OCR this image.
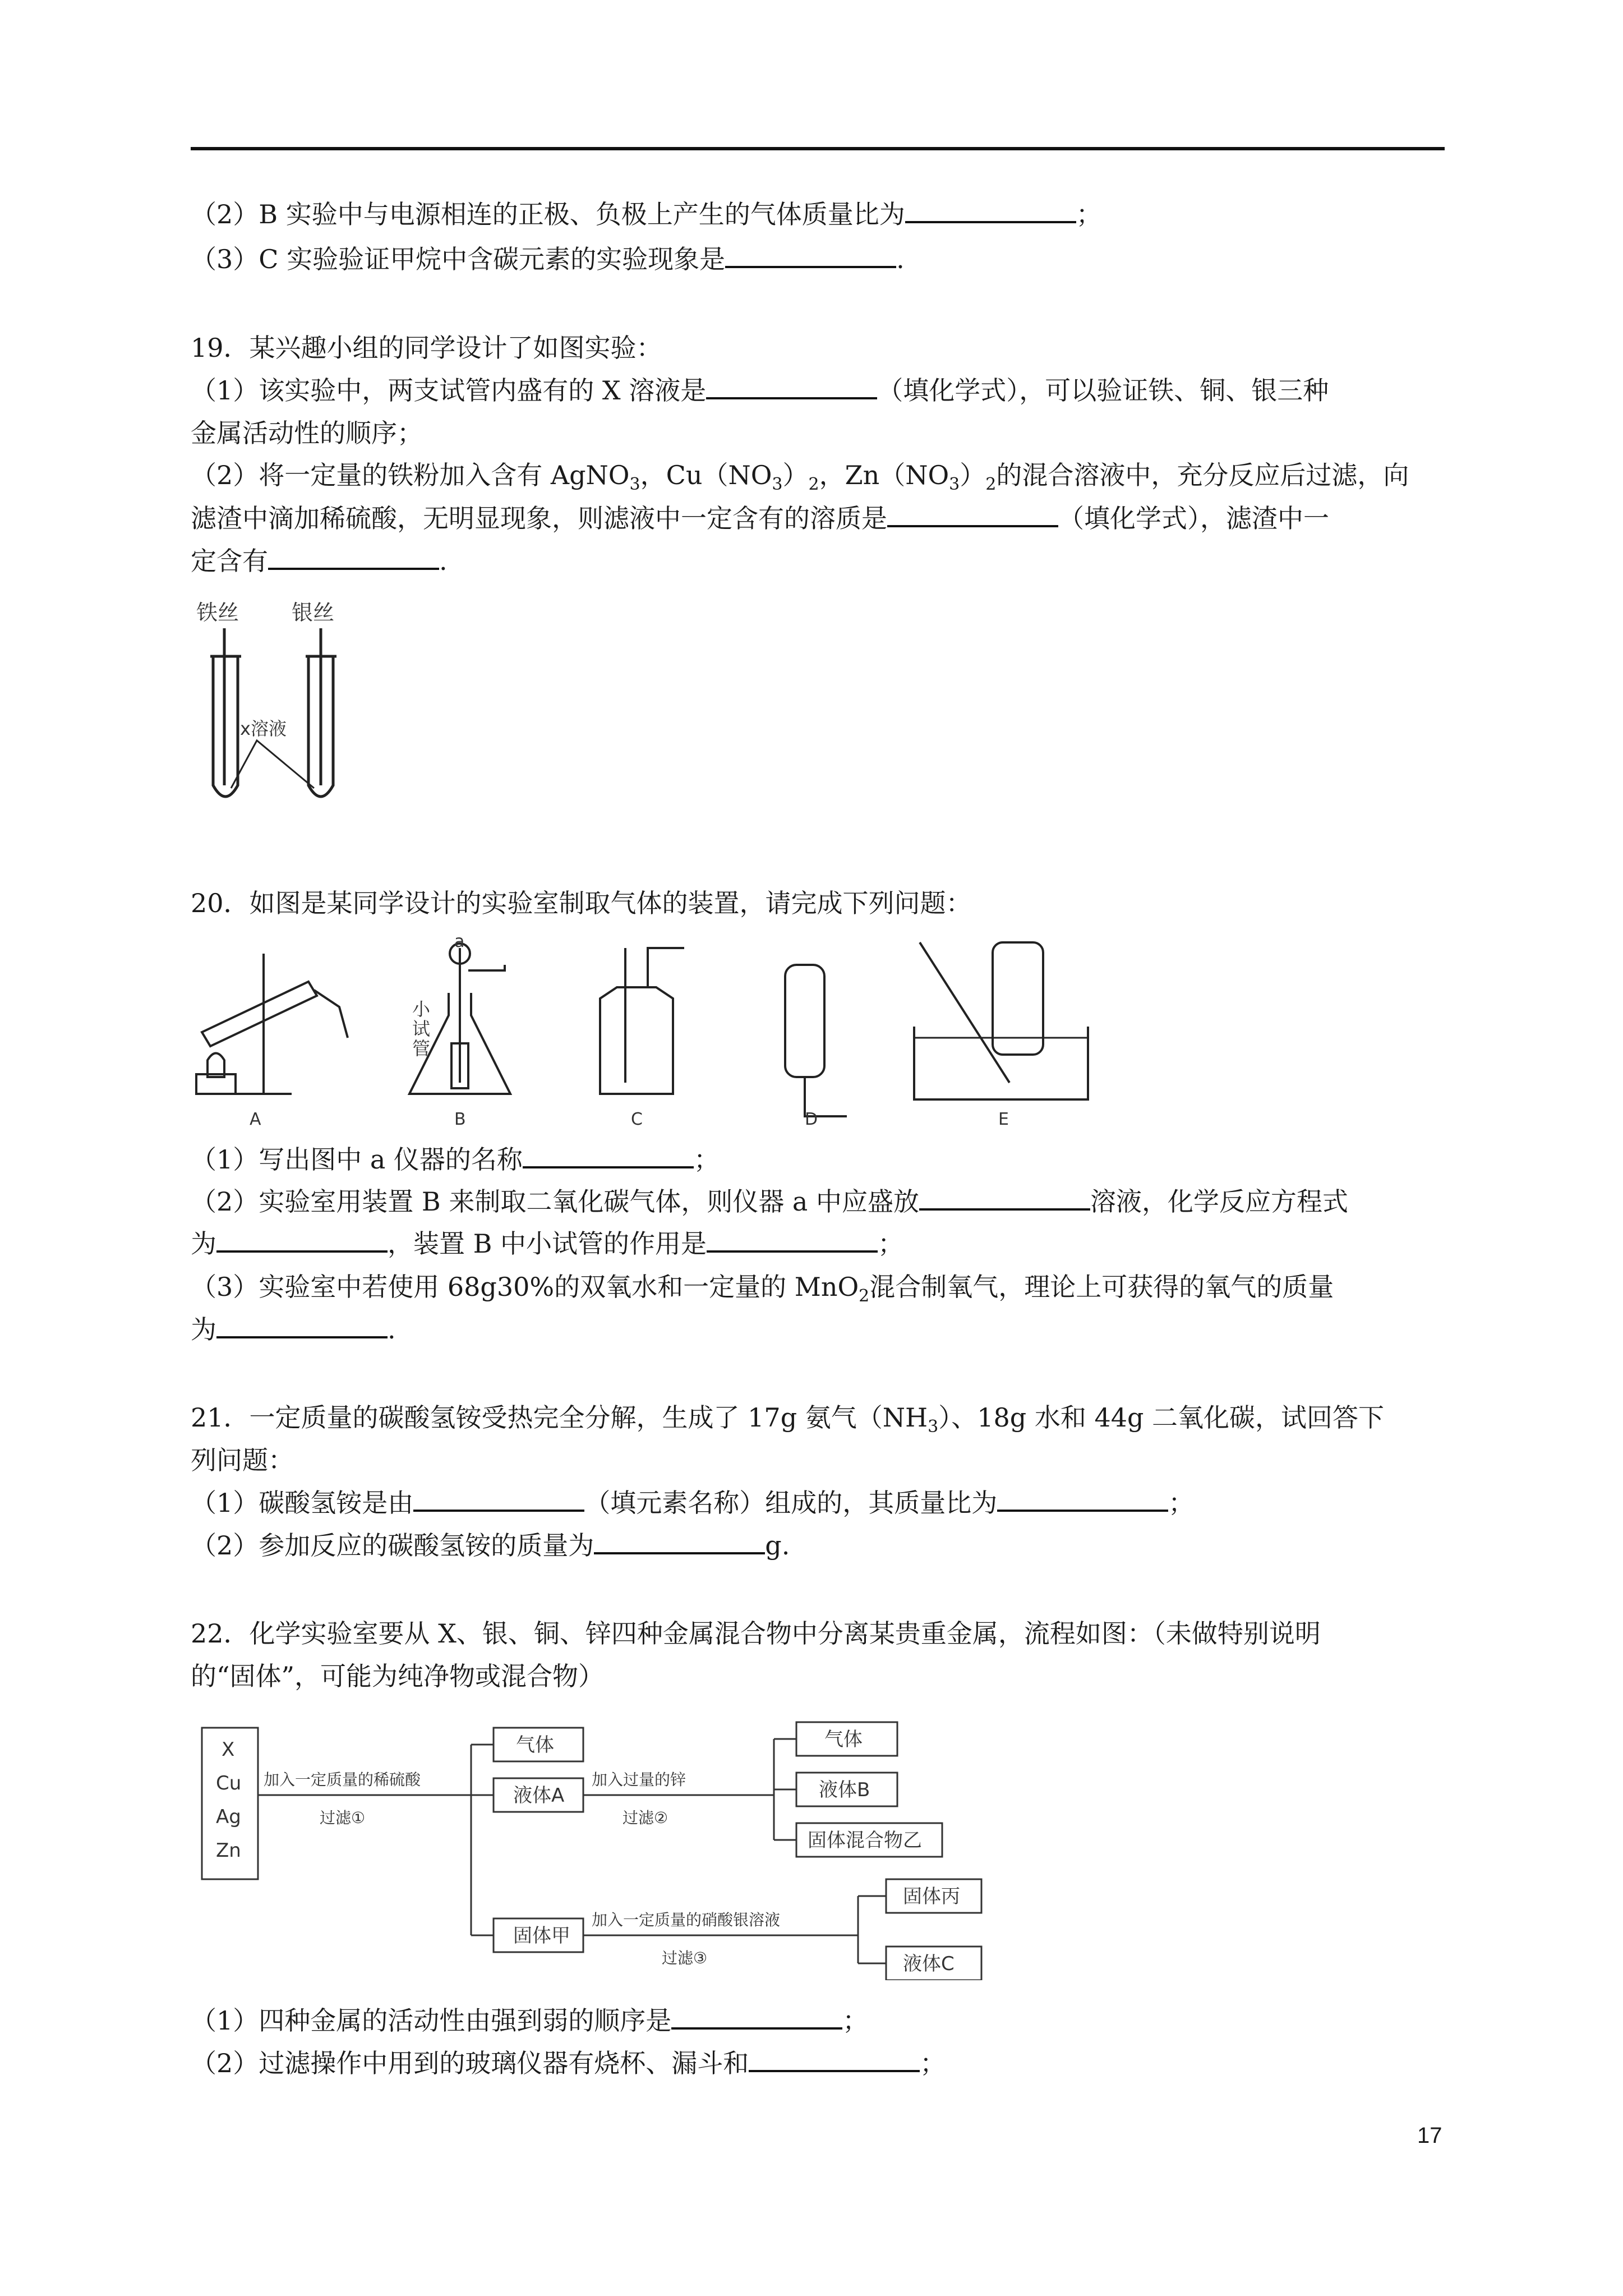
（2）B 实验中与电源相连的正极、负极上产生的气体质量比为	；
（3）C 实验验证甲烷中含碳元素的实验现象是	.
19．某兴趣小组的同学设计了如图实验：
（1）该实验中，两支试管内盛有的 X 溶液是	（填化学式），可以验证铁、铜、银三种
金属活动性的顺序；
（2）将一定量的铁粉加入含有 AgNO$_3$，$Cu(NO_3)_2$，$Zn(NO_3)_2$的混合溶液中，充分反应后过滤，向
滤渣中滴加稀硫酸，无明显现象，则滤液中一定含有的溶质是	（填化学式），滤渣中一
定含有	.
铁丝 银丝
x溶液
20．如图是某同学设计的实验室制取气体的装置，请完成下列问题：
a
小
试
管
A	B	C	D	E
（1）写出图中 a 仪器的名称	；
（2）实验室用装置 B 来制取二氧化碳气体，则仪器 a 中应盛放	溶液，化学反应方程式
为	，装置 B 中小试管的作用是	；
（3）实验室中若使用 68g30%的双氧水和一定量的 MnO$_2$混合制氧气，理论上可获得的氧气的质量
为	.
21．一定质量的碳酸氢铵受热完全分解，生成了 17g 氨气$(NH_3)$、18g 水和 44g 二氧化碳，试回答下
列问题：
（1）碳酸氢铵是由	（填元素名称）组成的，其质量比为	；
（2）参加反应的碳酸氢铵的质量为	g.
22．化学实验室要从 X、银、铜、锌四种金属混合物中分离某贵重金属，流程如图：（未做特别说明
的“固体”，可能为纯净物或混合物）
X
Cu
Ag
Zn
加入一定质量的稀硫酸
过滤①
气体
液体A
固体甲
加入过量的锌
过滤②
气体
液体B
固体混合物乙
加入一定质量的硝酸银溶液
过滤③
固体丙
液体C
（1）四种金属的活动性由强到弱的顺序是	；
（2）过滤操作中用到的玻璃仪器有烧杯、漏斗和	；
17
